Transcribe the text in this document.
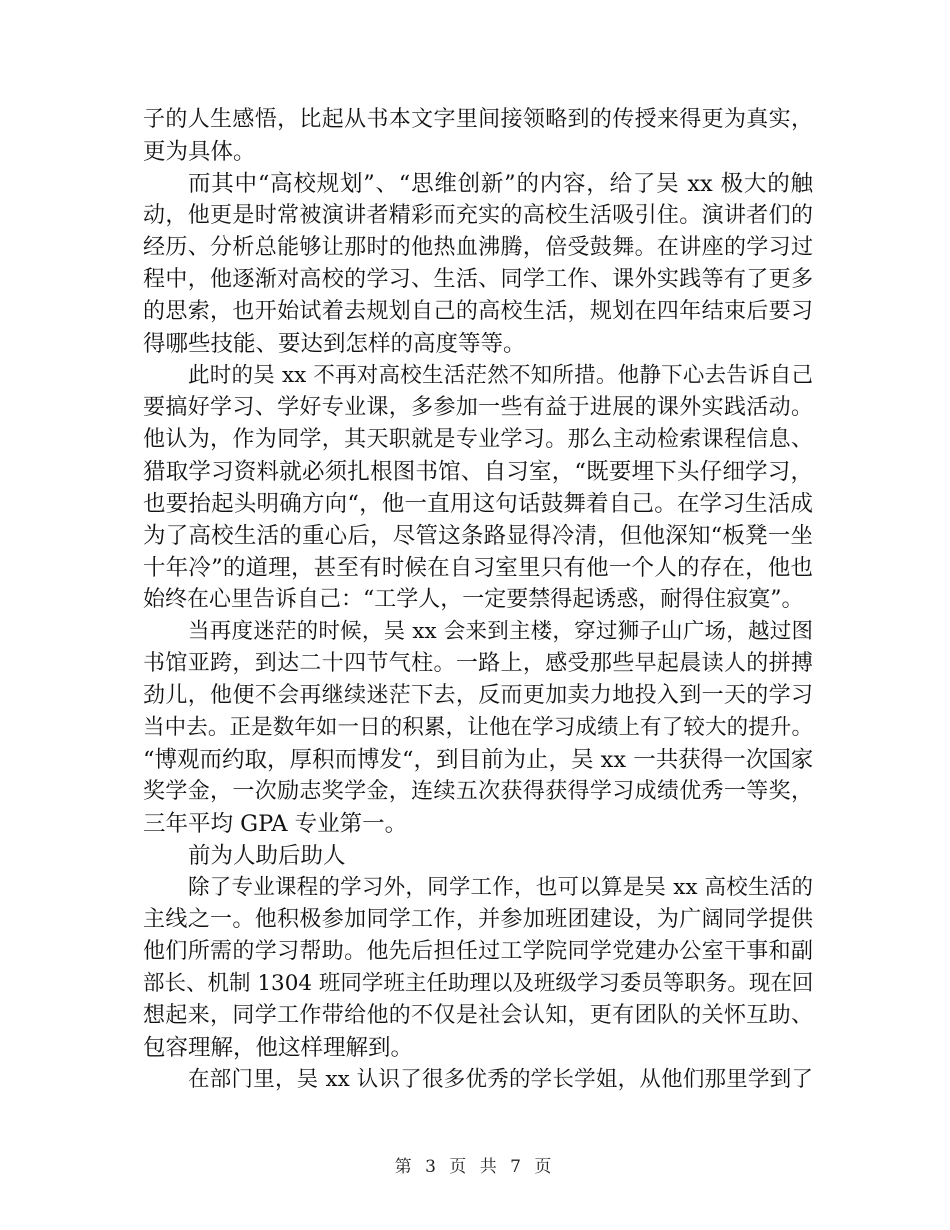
子的人生感悟，比起从书本文字里间接领略到的传授来得更为真实，

更为具体。

而其中“高校规划”、“思维创新”的内容，给了吴 xx 极大的触

动，他更是时常被演讲者精彩而充实的高校生活吸引住。演讲者们的

经历、分析总能够让那时的他热血沸腾，倍受鼓舞。在讲座的学习过

程中，他逐渐对高校的学习、生活、同学工作、课外实践等有了更多

的思索，也开始试着去规划自己的高校生活，规划在四年结束后要习

得哪些技能、要达到怎样的高度等等。

此时的吴 xx 不再对高校生活茫然不知所措。他静下心去告诉自己

要搞好学习、学好专业课，多参加一些有益于进展的课外实践活动。

他认为，作为同学，其天职就是专业学习。那么主动检索课程信息、

猎取学习资料就必须扎根图书馆、自习室，“既要埋下头仔细学习，

也要抬起头明确方向“，他一直用这句话鼓舞着自己。在学习生活成

为了高校生活的重心后，尽管这条路显得冷清，但他深知“板凳一坐

十年冷”的道理，甚至有时候在自习室里只有他一个人的存在，他也

始终在心里告诉自己：“工学人，一定要禁得起诱惑，耐得住寂寞”。

当再度迷茫的时候，吴 xx 会来到主楼，穿过狮子山广场，越过图

书馆亚跨，到达二十四节气柱。一路上，感受那些早起晨读人的拼搏

劲儿，他便不会再继续迷茫下去，反而更加卖力地投入到一天的学习

当中去。正是数年如一日的积累，让他在学习成绩上有了较大的提升。

“博观而约取，厚积而博发“，到目前为止，吴 xx 一共获得一次国家

奖学金，一次励志奖学金，连续五次获得获得学习成绩优秀一等奖，

三年平均 GPA 专业第一。

前为人助后助人

除了专业课程的学习外，同学工作，也可以算是吴 xx 高校生活的

主线之一。他积极参加同学工作，并参加班团建设，为广阔同学提供

他们所需的学习帮助。他先后担任过工学院同学党建办公室干事和副

部长、机制 1304 班同学班主任助理以及班级学习委员等职务。现在回

想起来，同学工作带给他的不仅是社会认知，更有团队的关怀互助、

包容理解，他这样理解到。

在部门里，吴 xx 认识了很多优秀的学长学姐，从他们那里学到了

第 3 页 共 7 页
